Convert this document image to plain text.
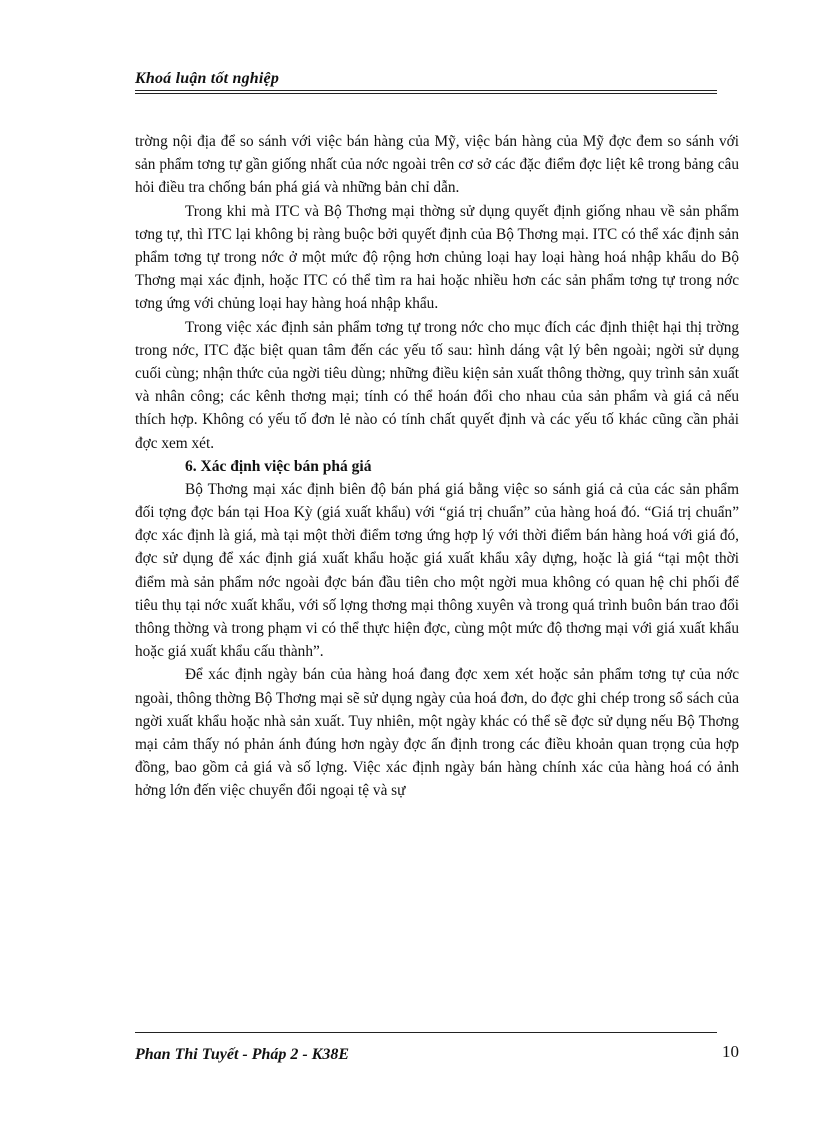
Khoá luận tốt nghiệp

trờng nội địa để so sánh với việc bán hàng của Mỹ, việc bán hàng của Mỹ đợc đem so sánh với sản phẩm tơng tự gần giống nhất của nớc ngoài trên cơ sở các đặc điểm đợc liệt kê trong bảng câu hỏi điều tra chống bán phá giá và những bản chỉ dẫn.

Trong khi mà ITC và Bộ Thơng mại thờng sử dụng quyết định giống nhau về sản phẩm tơng tự, thì ITC lại không bị ràng buộc bởi quyết định của Bộ Thơng mại. ITC có thể xác định sản phẩm tơng tự trong nớc ở một mức độ rộng hơn chủng loại hay loại hàng hoá nhập khẩu do Bộ Thơng mại xác định, hoặc ITC có thể tìm ra hai hoặc nhiều hơn các sản phẩm tơng tự trong nớc tơng ứng với chủng loại hay hàng hoá nhập khẩu.

Trong việc xác định sản phẩm tơng tự trong nớc cho mục đích các định thiệt hại thị trờng trong nớc, ITC đặc biệt quan tâm đến các yếu tố sau: hình dáng vật lý bên ngoài; ngời sử dụng cuối cùng; nhận thức của ngời tiêu dùng; những điều kiện sản xuất thông thờng, quy trình sản xuất và nhân công; các kênh thơng mại; tính có thể hoán đổi cho nhau của sản phẩm và giá cả nếu thích hợp. Không có yếu tố đơn lẻ nào có tính chất quyết định và các yếu tố khác cũng cần phải đợc xem xét.

6. Xác định việc bán phá giá

Bộ Thơng mại xác định biên độ bán phá giá bằng việc so sánh giá cả của các sản phẩm đối tợng đợc bán tại Hoa Kỳ (giá xuất khẩu) với “giá trị chuẩn” của hàng hoá đó. “Giá trị chuẩn” đợc xác định là giá, mà tại một thời điểm tơng ứng hợp lý với thời điểm bán hàng hoá với giá đó, đợc sử dụng để xác định giá xuất khẩu hoặc giá xuất khẩu xây dựng, hoặc là giá “tại một thời điểm mà sản phẩm nớc ngoài đợc bán đầu tiên cho một ngời mua không có quan hệ chi phối để tiêu thụ tại nớc xuất khẩu, với số lợng thơng mại thông xuyên và trong quá trình buôn bán trao đổi thông thờng và trong phạm vi có thể thực hiện đợc, cùng một mức độ thơng mại với giá xuất khẩu hoặc giá xuất khẩu cấu thành”.

Để xác định ngày bán của hàng hoá đang đợc xem xét hoặc sản phẩm tơng tự của nớc ngoài, thông thờng Bộ Thơng mại sẽ sử dụng ngày của hoá đơn, do đợc ghi chép trong sổ sách của ngời xuất khẩu hoặc nhà sản xuất. Tuy nhiên, một ngày khác có thể sẽ đợc sử dụng nếu Bộ Thơng mại cảm thấy nó phản ánh đúng hơn ngày đợc ấn định trong các điều khoản quan trọng của hợp đồng, bao gồm cả giá và số lợng. Việc xác định ngày bán hàng chính xác của hàng hoá có ảnh hởng lớn đến việc chuyển đổi ngoại tệ và sự

Phan Thi Tuyết - Pháp 2 - K38E	10
